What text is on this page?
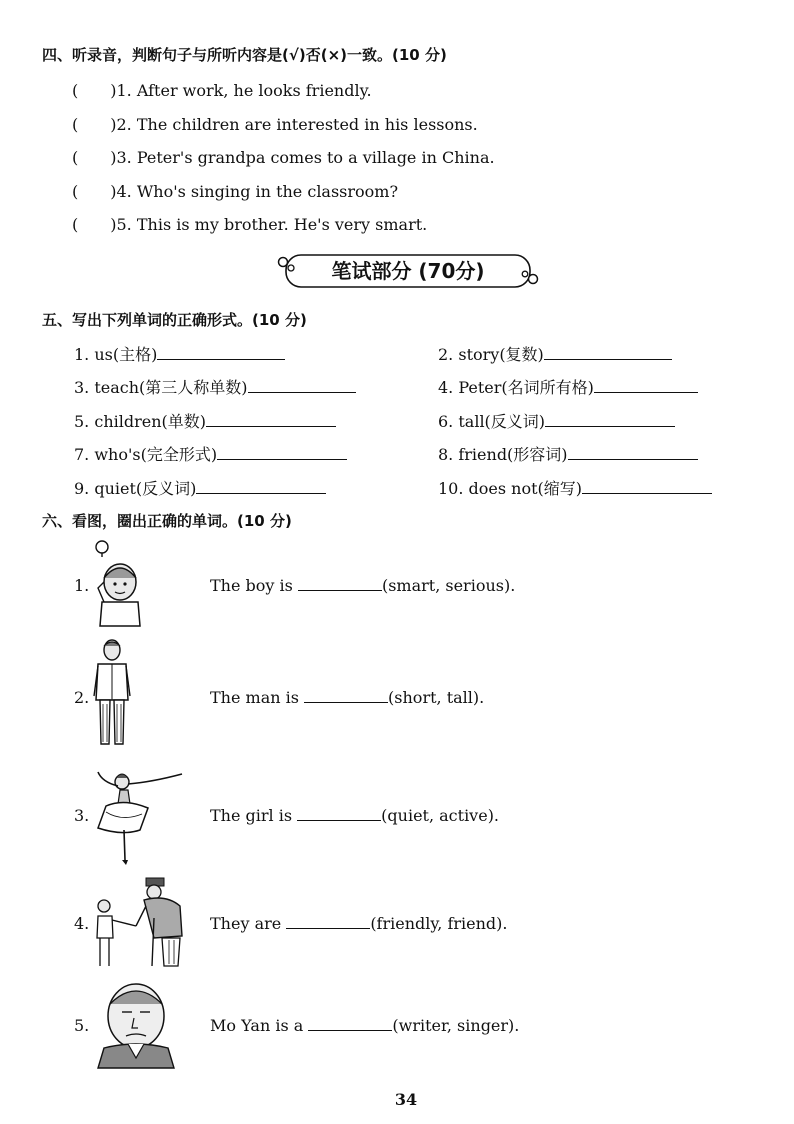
四、听录音，判断句子与所听内容是(√)否(×)一致。(10 分)
(　　)1. After work, he looks friendly.
(　　)2. The children are interested in his lessons.
(　　)3. Peter's grandpa comes to a village in China.
(　　)4. Who's singing in the classroom?
(　　)5. This is my brother. He's very smart.
笔试部分 (70分)
五、写出下列单词的正确形式。(10 分)
1. us(主格)	2. story(复数)
3. teach(第三人称单数)	4. Peter(名词所有格)
5. children(单数)	6. tall(反义词)
7. who's(完全形式)	8. friend(形容词)
9. quiet(反义词)	10. does not(缩写)
六、看图，圈出正确的单词。(10 分)
1.	The boy is	(smart, serious).
2.	The man is	(short, tall).
3.	The girl is	(quiet, active).
4.	They are	(friendly, friend).
5.	Mo Yan is a	(writer, singer).
34
